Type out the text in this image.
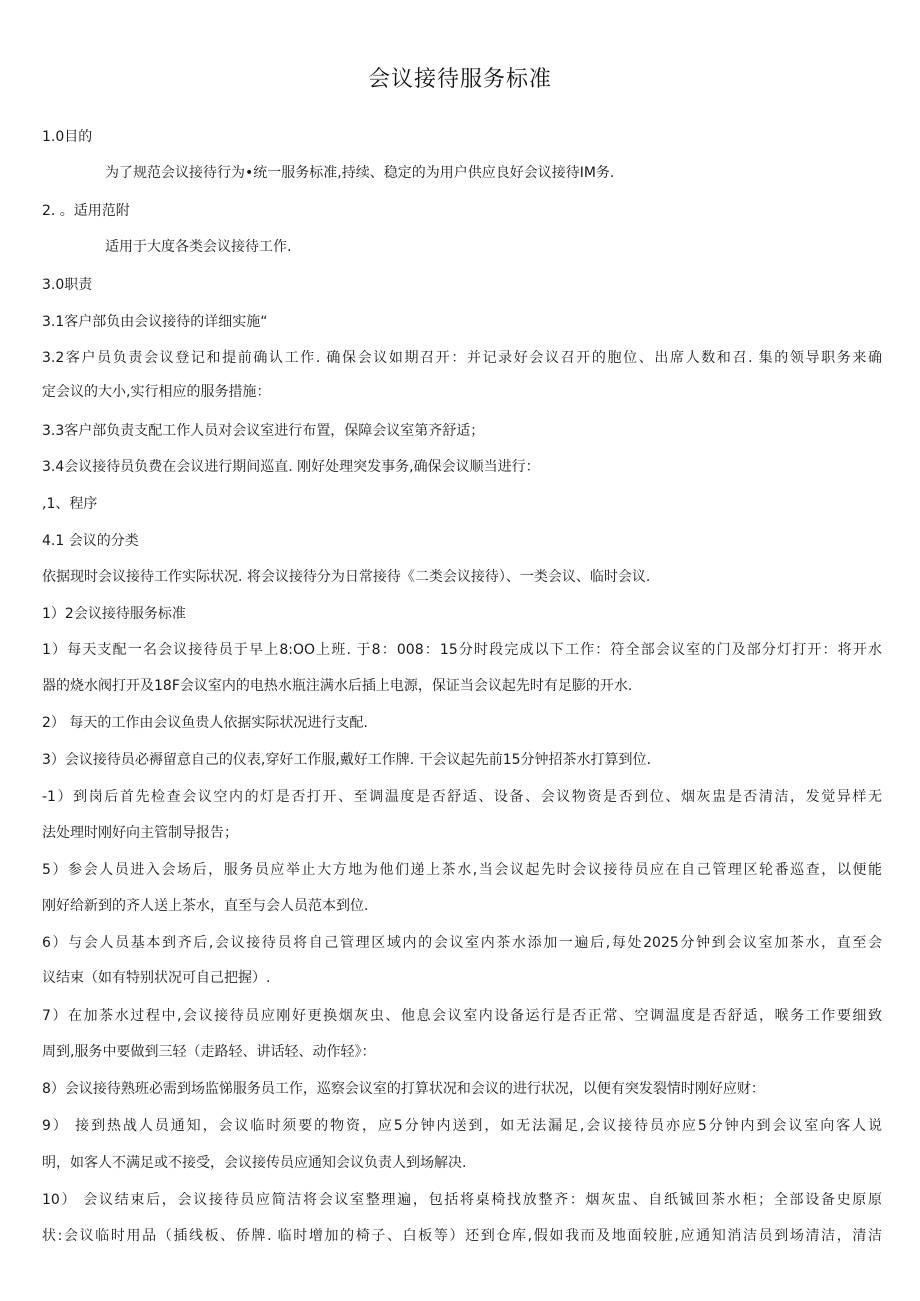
会议接待服务标准
1.0目的
为了规范会议接待行为•统一服务标准,持续、稳定的为用户供应良好会议接待IM务.
2. 。适用范附
适用于大度各类会议接待工作.
3.0职责
3.1客户部负由会议接待的详细实施“
3.2客户员负责会议登记和提前确认工作. 确保会议如期召开：并记录好会议召开的胞位、出席人数和召. 集的领导职务来确
定会议的大小,实行相应的服务措施：
3.3客户部负责支配工作人员对会议室进行布置，保障会议室第齐舒适；
3.4会议接待员负费在会议进行期间巡直. 刚好处理突发事务,确保会议顺当进行：
,1、程序
4.1 会议的分类
依据现时会议接待工作实际状况. 将会议接待分为日常接待《二类会议接待）、一类会议、临时会议.
1）2会议接待服务标准
1）每天支配一名会议接待员于早上8:OO上班. 于8：008：15分时段完成以下工作：符全部会议室的门及部分灯打开：将开水
器的烧水阀打开及18F会议室内的电热水瓶注满水后插上电源，保证当会议起先时有足膨的开水.
2） 每天的工作由会议鱼贵人依据实际状况进行支配.
3）会议接待员必褥留意自己的仪表,穿好工作服,戴好工作牌. 干会议起先前15分钟招茶水打算到位.
-1）到岗后首先检查会议空内的灯是否打开、至调温度是否舒适、设备、会议物资是否到位、烟灰盅是否清洁，发觉异样无
法处理时刚好向主管制导报告；
5）参会人员进入会场后，服务员应举止大方地为他们递上茶水,当会议起先时会议接待员应在自己管理区轮番巡查，以便能
刚好给新到的齐人送上茶水，直至与会人员范本到位.
6）与会人员基本到齐后,会议接待员将自己管理区域内的会议室内茶水添加一遍后,每处2025分钟到会议室加茶水，直至会
议结束（如有特别状况可自己把握）.
7）在加茶水过程中,会议接待员应刚好更换烟灰虫、他息会议室内设备运行是否正常、空调温度是否舒适，喉务工作要细致
周到,服务中要做到三轻（走路轻、讲话轻、动作轻》：
8）会议接待熟班必需到场监悌服务员工作，巡察会议室的打算状况和会议的进行状况，以便有突发裂情时刚好应财：
9） 接到热战人员通知，会议临时须要的物资，应5分钟内送到，如无法漏足,会议接待员亦应5分钟内到会议室向客人说
明，如客人不满足或不接受，会议接传员应通知会议负责人到场解决.
10） 会议结束后，会议接待员应简洁将会议室整理遍，包括将桌椅找放整齐：烟灰盅、自纸铖回茶水柜；全部设备史原原
状:会议临时用品（插线板、侨牌. 临时增加的椅子、白板等）还到仓库,假如我而及地面较脏,应通知消洁员到场清洁，清洁
